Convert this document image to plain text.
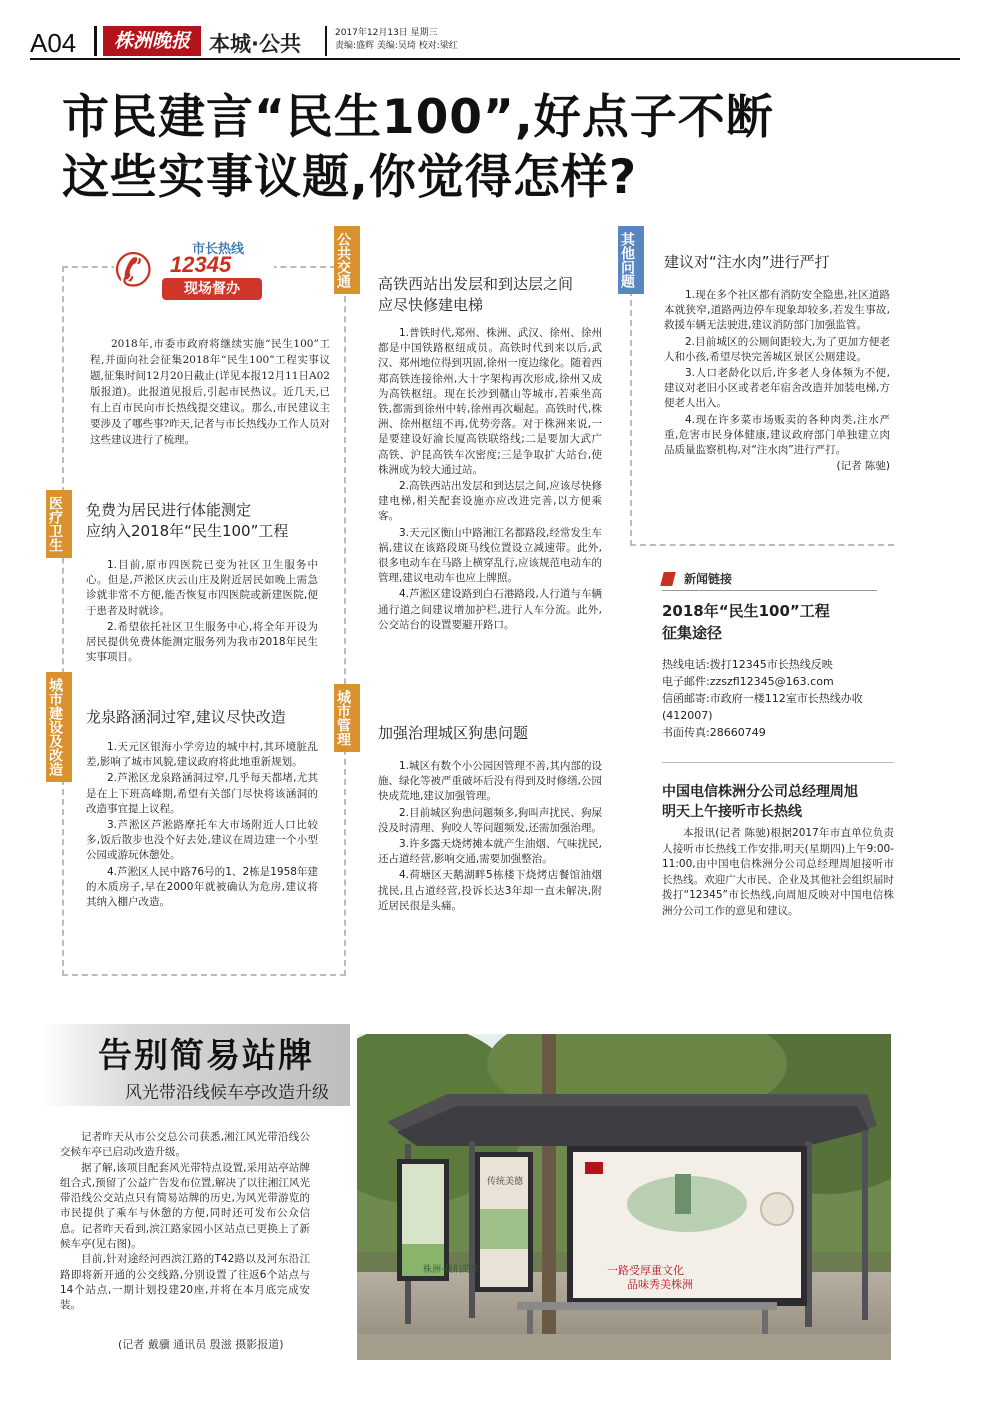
A04	株洲晚报 本城·公共	2017年12月13日 星期三
责编:盛辉 美编:吴琦 校对:梁红
市民建言“民生100”,好点子不断
这些实事议题,你觉得怎样?
✆	市长热线
12345
现场督办

2018年,市委市政府将继续实施“民生100”工程,并面向社会征集2018年“民生100”工程实事议题,征集时间12月20日截止(详见本报12月11日A02版报道)。此报道见报后,引起市民热议。近几天,已有上百市民向市长热线提交建议。那么,市民建议主要涉及了哪些事?昨天,记者与市长热线办工作人员对这些建议进行了梳理。

医疗卫生 免费为居民进行体能测定
应纳入2018年“民生100”工程

1.目前,原市四医院已变为社区卫生服务中心。但是,芦淞区庆云山庄及附近居民如晚上需急诊就非常不方便,能否恢复市四医院或新建医院,便于患者及时就诊。

2.希望依托社区卫生服务中心,将全年开设为居民提供免费体能测定服务列为我市2018年民生实事项目。

城市建设及改造 龙泉路涵洞过窄,建议尽快改造

1.天元区银海小学旁边的城中村,其环境脏乱差,影响了城市风貌,建议政府将此地重新规划。

2.芦淞区龙泉路涵洞过窄,几乎每天都堵,尤其是在上下班高峰期,希望有关部门尽快将该涵洞的改造事宜提上议程。

3.芦淞区芦淞路摩托车大市场附近人口比较多,饭后散步也没个好去处,建议在周边建一个小型公园或游玩休憩处。

4.芦淞区人民中路76号的1、2栋是1958年建的木质房子,早在2000年就被确认为危房,建议将其纳入棚户改造。

公共交通 高铁西站出发层和到达层之间
应尽快修建电梯

1.普铁时代,郑州、株洲、武汉、徐州、徐州都是中国铁路枢纽成员。高铁时代到来以后,武汉、郑州地位得到巩固,徐州一度边缘化。随着西郑高铁连接徐州,大十字架构再次形成,徐州又成为高铁枢纽。现在长沙到赣山等城市,若乘坐高铁,都需到徐州中转,徐州再次崛起。高铁时代,株洲、徐州枢纽不再,优势旁落。对于株洲来说,一是要建设好渝长厦高铁联络线;二是要加大武广高铁、沪昆高铁车次密度;三是争取扩大站台,使株洲成为较大通过站。

2.高铁西站出发层和到达层之间,应该尽快修建电梯,相关配套设施亦应改进完善,以方便乘客。

3.天元区衡山中路湘江名都路段,经常发生车祸,建议在该路段斑马线位置设立减速带。此外,很多电动车在马路上横穿乱行,应该规范电动车的管理,建议电动车也应上牌照。

4.芦淞区建设路到白石港路段,人行道与车辆通行道之间建议增加护栏,进行人车分流。此外,公交站台的设置要避开路口。

城市管理 加强治理城区狗患问题

1.城区有数个小公园因管理不善,其内部的设施、绿化等被严重破坏后没有得到及时修缮,公园快成荒地,建议加强管理。

2.目前城区狗患问题频多,狗叫声扰民、狗屎没及时清理、狗咬人等问题频发,还需加强治理。

3.许多露天烧烤摊本就产生油烟、气味扰民,还占道经营,影响交通,需要加强整治。

4.荷塘区天鹅湖畔5栋楼下烧烤店餐馆油烟扰民,且占道经营,投诉长达3年却一直未解决,附近居民很是头痛。

其他问题 建议对“注水肉”进行严打

1.现在多个社区都有消防安全隐患,社区道路本就狭窄,道路两边停车现象却较多,若发生事故,救援车辆无法驶进,建议消防部门加强监管。

2.目前城区的公厕间距较大,为了更加方便老人和小孩,希望尽快完善城区景区公厕建设。

3.人口老龄化以后,许多老人身体频为不便,建议对老旧小区或者老年宿舍改造并加装电梯,方便老人出入。

4.现在许多菜市场贩卖的各种肉类,注水严重,危害市民身体健康,建议政府部门单独建立肉品质量监察机构,对“注水肉”进行严打。

(记者 陈驰)
新闻链接
2018年“民生100”工程
征集途径
热线电话:拨打12345市长热线反映
电子邮件:zzszfl12345@163.com
信函邮寄:市政府一楼112室市长热线办收
(412007)
书面传真:28660749
中国电信株洲分公司总经理周旭
明天上午接听市长热线

本报讯(记者 陈驰)根据2017年市直单位负责人接听市长热线工作安排,明天(星期四)上午9:00-11:00,由中国电信株洲分公司总经理周旭接听市长热线。欢迎广大市民、企业及其他社会组织届时拨打“12345”市长热线,向周旭反映对中国电信株洲分公司工作的意见和建议。

告别简易站牌
风光带沿线候车亭改造升级

记者昨天从市公交总公司获悉,湘江风光带沿线公交候车亭已启动改造升级。

据了解,该项目配套风光带特点设置,采用站亭站牌组合式,预留了公益广告发布位置,解决了以往湘江风光带沿线公交站点只有简易站牌的历史,为风光带游览的市民提供了乘车与休憩的方便,同时还可发布公众信息。记者昨天看到,滨江路家园小区站点已更换上了新候车亭(见右图)。

目前,针对途经河西滨江路的T42路以及河东沿江路即将新开通的公交线路,分别设置了往返6个站点与14个站点,一期计划投建20座,并将在本月底完成安装。

(记者 戴骥 通讯员 殷滋 摄影报道)
株洲·我们的家
传统美德
一路受厚重文化
品味秀美株洲
